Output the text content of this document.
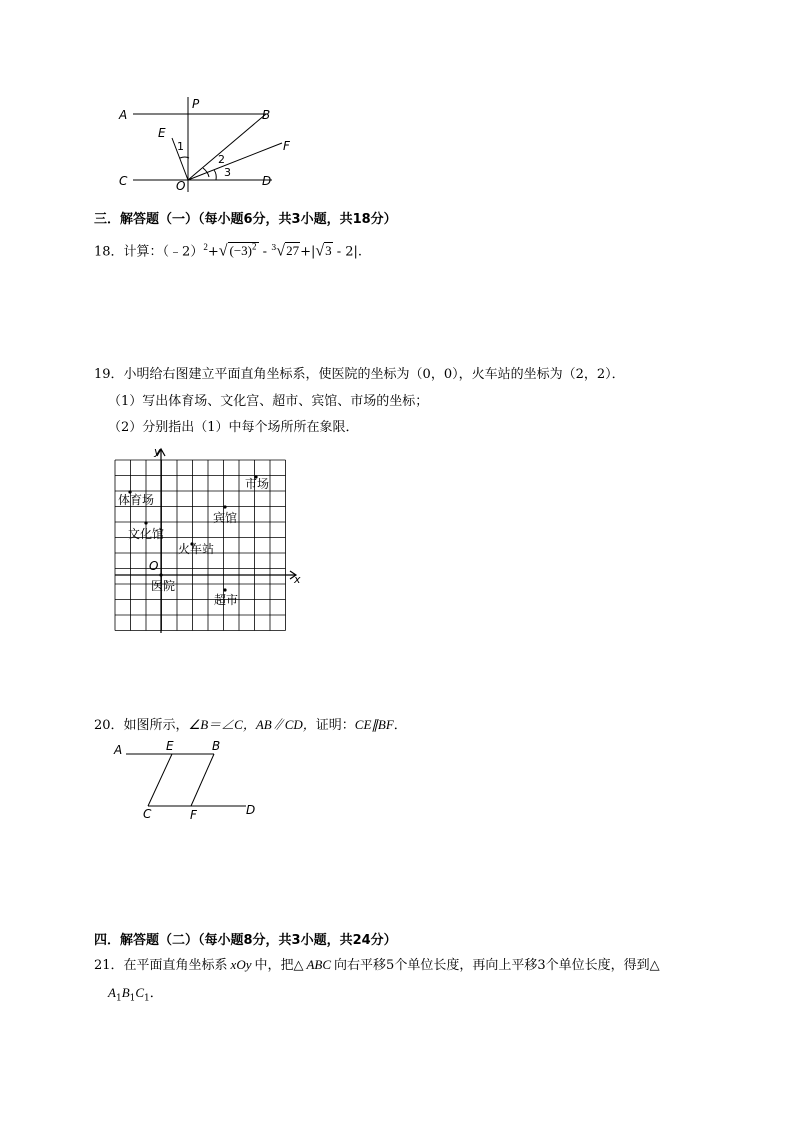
A
P
B
E
1	F
2
3
C	O	D
三．解答题（一）（每小题6分，共3小题，共18分）
18．计算：（﹣2）$^2$+√ $(-3)^2 - ^3√27+|√3 - 2|$.
19．小明给右图建立平面直角坐标系，使医院的坐标为（0，0），火车站的坐标为（2，2）．
（1）写出体育场、文化宫、超市、宾馆、市场的坐标；
（2）分别指出（1）中每个场所所在象限．
市场
体育场
宾馆
文化馆
火车站
医院
超市
x
y
O
20．如图所示，∠B＝∠C，AB∥CD，证明：CE∥BF．
A	E	B
C	F	D
四．解答题（二）（每小题8分，共3小题，共24分）
21．在平面直角坐标系 xOy 中，把△ ABC 向右平移5个单位长度，再向上平移3个单位长度，得到△
$A_1B_1C_1$．
